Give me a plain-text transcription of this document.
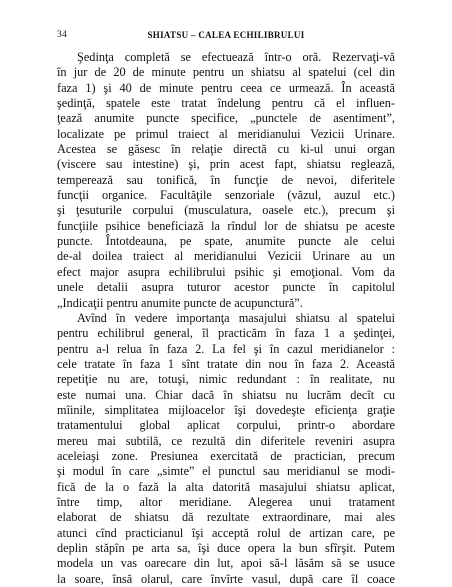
34	SHIATSU – CALEA ECHILIBRULUI
Şedinţa completă se efectuează într-o oră. Rezervaţi-vă
în jur de 20 de minute pentru un shiatsu al spatelui (cel din
faza 1) şi 40 de minute pentru ceea ce urmează. În această
şedinţă, spatele este tratat îndelung pentru că el influen-
ţează anumite puncte specifice, „punctele de asentiment”,
localizate pe primul traiect al meridianului Vezicii Urinare.
Acestea se găsesc în relaţie directă cu ki-ul unui organ
(viscere sau intestine) şi, prin acest fapt, shiatsu reglează,
temperează sau tonifică, în funcţie de nevoi, diferitele
funcţii organice. Facultăţile senzoriale (văzul, auzul etc.)
şi ţesuturile corpului (musculatura, oasele etc.), precum şi
funcţiile psihice beneficiază la rîndul lor de shiatsu pe aceste
puncte. Întotdeauna, pe spate, anumite puncte ale celui
de-al doilea traiect al meridianului Vezicii Urinare au un
efect major asupra echilibrului psihic şi emoţional. Vom da
unele detalii asupra tuturor acestor puncte în capitolul
„Indicaţii pentru anumite puncte de acupunctură”.
Avînd în vedere importanţa masajului shiatsu al spatelui
pentru echilibrul general, îl practicăm în faza 1 a şedinţei,
pentru a-l relua în faza 2. La fel şi în cazul meridianelor :
cele tratate în faza 1 sînt tratate din nou în faza 2. Această
repetiţie nu are, totuşi, nimic redundant : în realitate, nu
este numai una. Chiar dacă în shiatsu nu lucrăm decît cu
mîinile, simplitatea mijloacelor îşi dovedeşte eficienţa graţie
tratamentului global aplicat corpului, printr-o abordare
mereu mai subtilă, ce rezultă din diferitele reveniri asupra
aceleiaşi zone. Presiunea exercitată de practician, precum
şi modul în care „simte” el punctul sau meridianul se modi-
fică de la o fază la alta datorită masajului shiatsu aplicat,
între timp, altor meridiane. Alegerea unui tratament
elaborat de shiatsu dă rezultate extraordinare, mai ales
atunci cînd practicianul îşi acceptă rolul de artizan care, pe
deplin stăpîn pe arta sa, îşi duce opera la bun sfîrşit. Putem
modela un vas oarecare din lut, apoi să-l lăsăm să se usuce
la soare, însă olarul, care învîrte vasul, după care îl coace
